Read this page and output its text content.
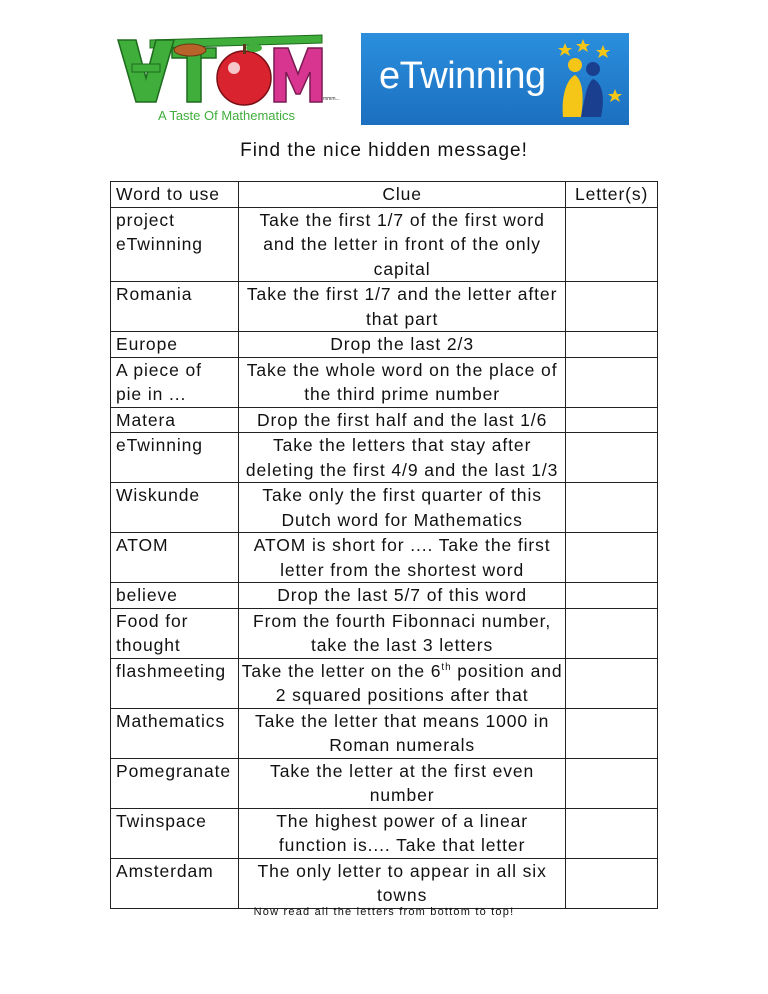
mmm...
A Taste Of Mathematics
eTwinning
Find the nice hidden message!
Word to use	Clue	Letter(s)
project eTwinning	Take the first 1/7 of the first word and the letter in front of the only capital	
Romania	Take the first 1/7 and the letter after that part	
Europe	Drop the last 2/3	
A piece of pie in ...	Take the whole word on the place of the third prime number	
Matera	Drop the first half and the last 1/6	
eTwinning	Take the letters that stay after deleting the first 4/9 and the last 1/3	
Wiskunde	Take only the first quarter of this Dutch word for Mathematics	
ATOM	ATOM is short for .... Take the first letter from the shortest word	
believe	Drop the last 5/7 of this word	
Food for thought	From the fourth Fibonnaci number, take the last 3 letters	
flashmeeting	Take the letter on the 6th position and 2 squared positions after that	
Mathematics	Take the letter that means 1000 in Roman numerals	
Pomegranate	Take the letter at the first even number	
Twinspace	The highest power of a linear function is.... Take that letter	
Amsterdam	The only letter to appear in all six towns	
Now read all the letters from bottom to top!
